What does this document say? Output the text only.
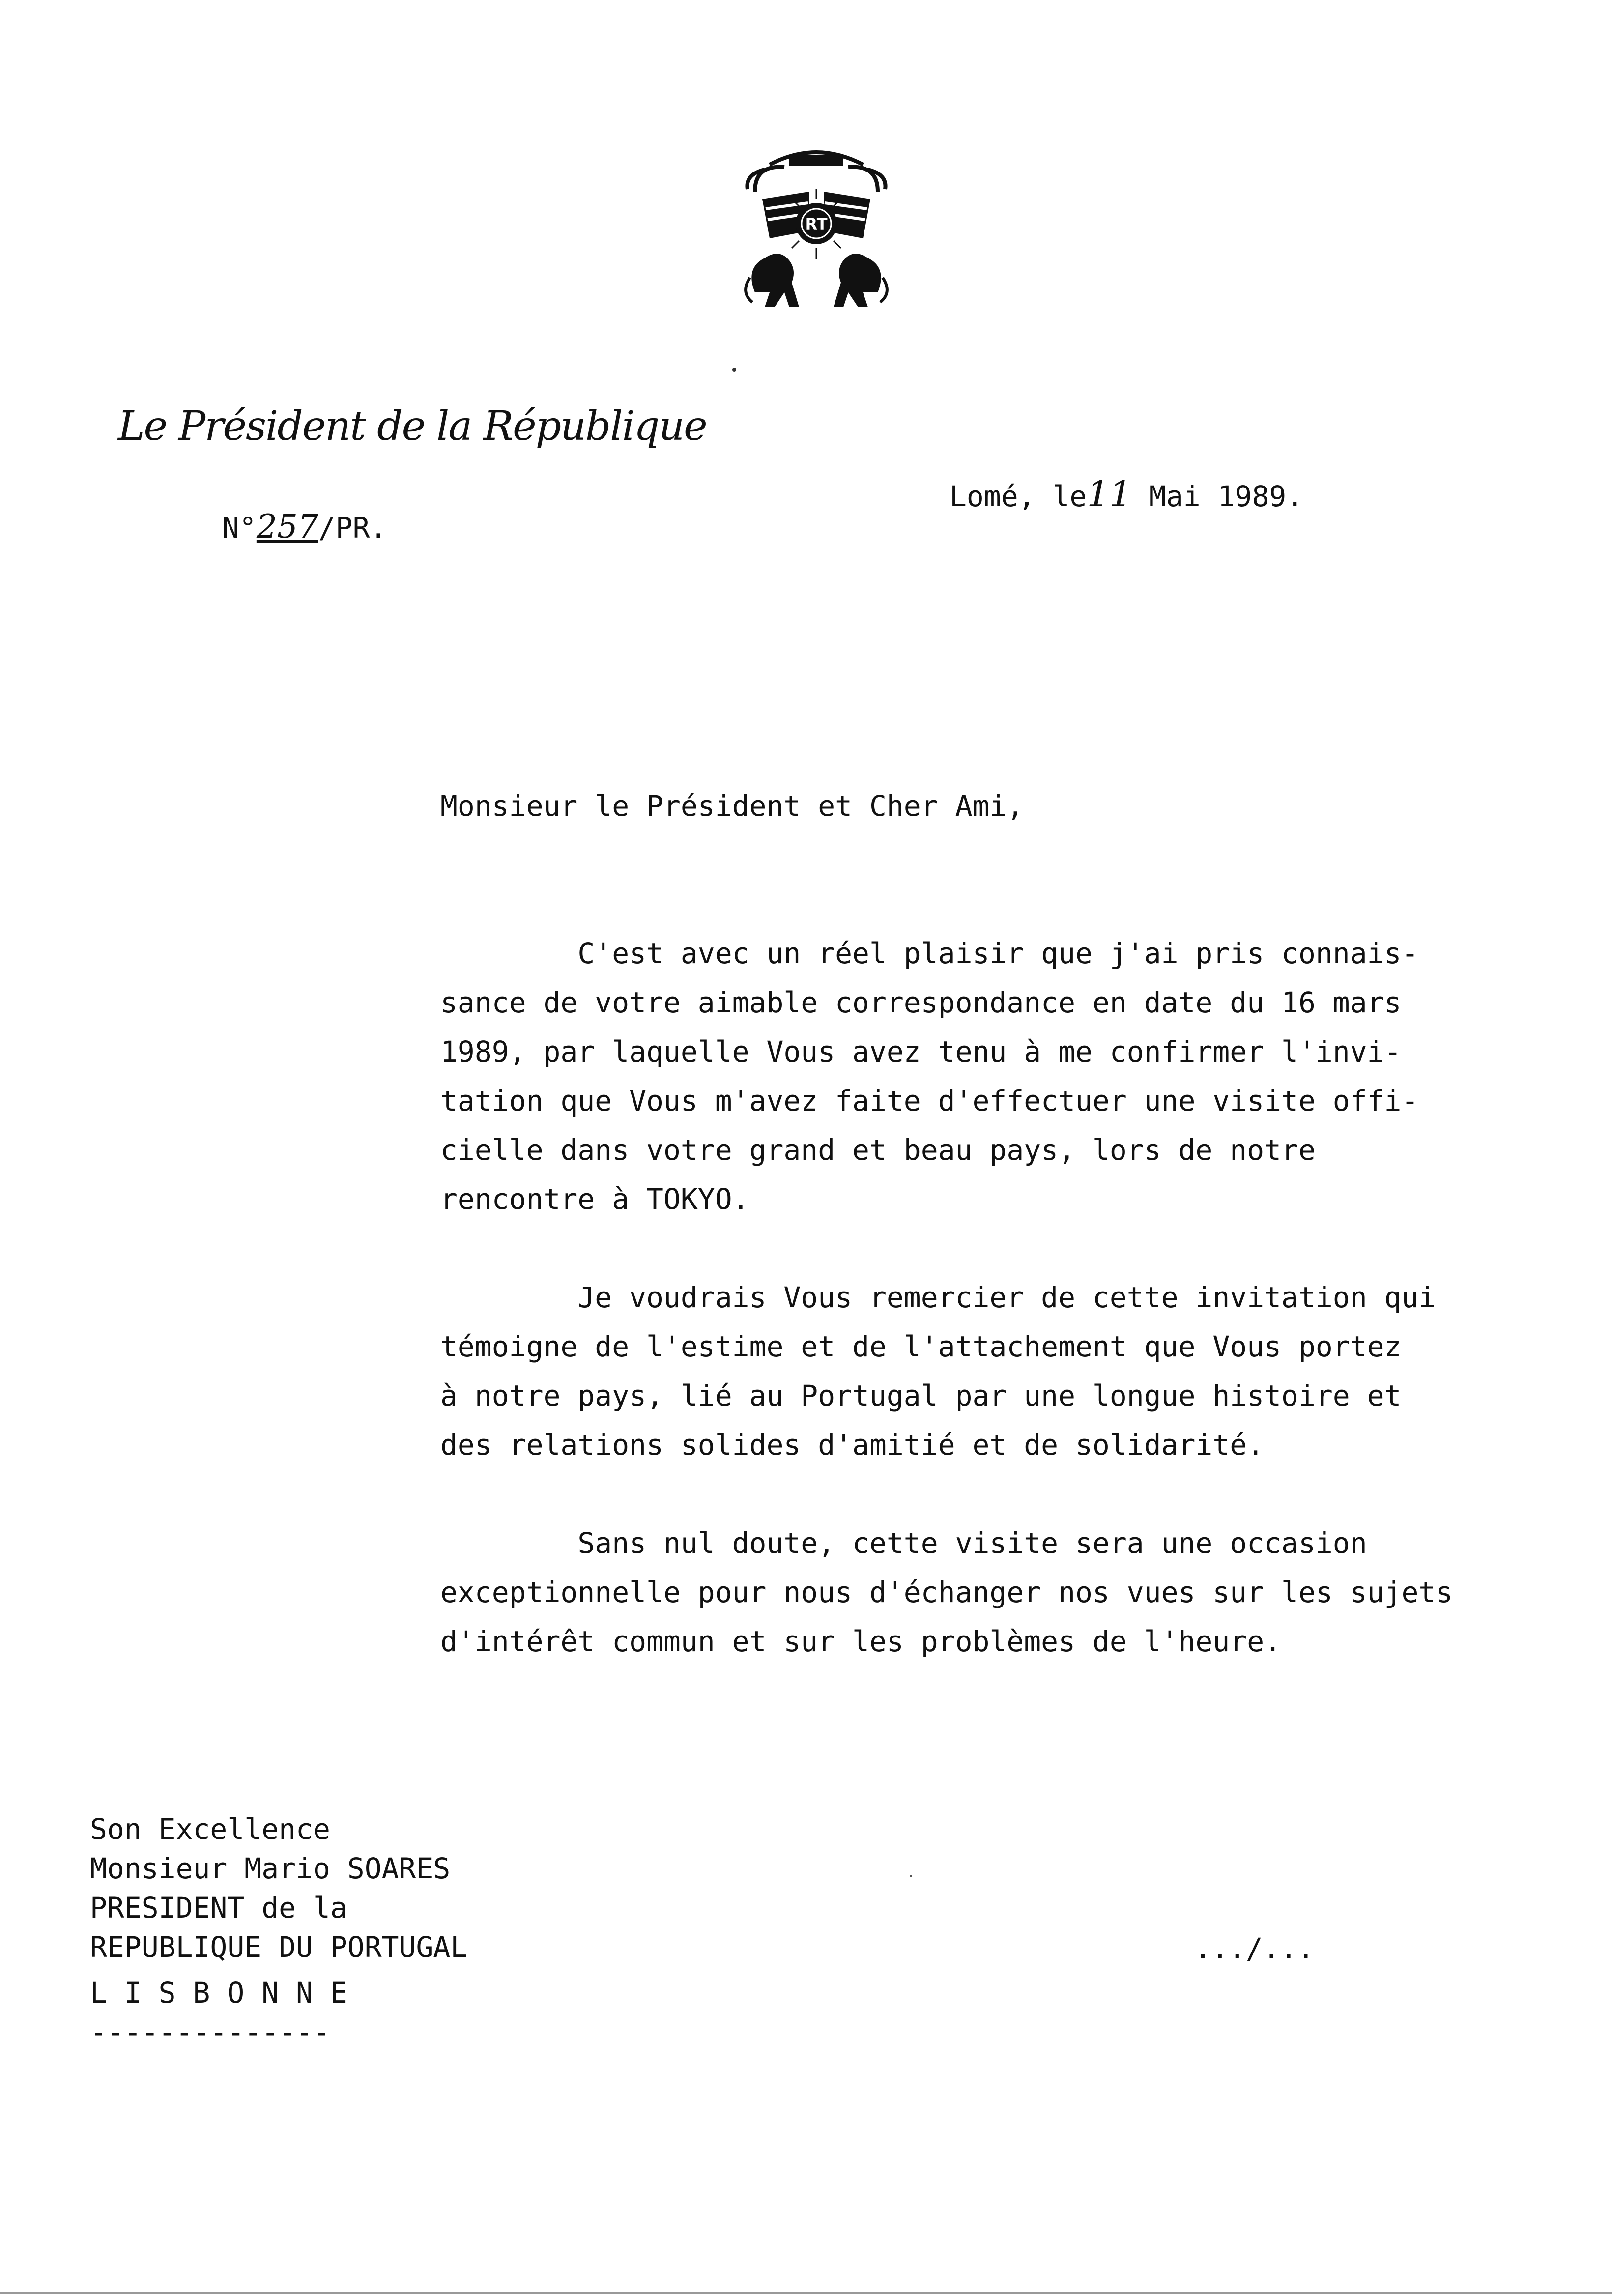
RT
Le Président de la République
N°257/PR.
Lomé, le11 Mai 1989.
Monsieur le Président et Cher Ami,

C'est avec un réel plaisir que j'ai pris connais-
sance de votre aimable correspondance en date du 16 mars
1989, par laquelle Vous avez tenu à me confirmer l'invi-
tation que Vous m'avez faite d'effectuer une visite offi-
cielle dans votre grand et beau pays, lors de notre
rencontre à TOKYO.

Je voudrais Vous remercier de cette invitation qui
témoigne de l'estime et de l'attachement que Vous portez
à notre pays, lié au Portugal par une longue histoire et
des relations solides d'amitié et de solidarité.

Sans nul doute, cette visite sera une occasion
exceptionnelle pour nous d'échanger nos vues sur les sujets
d'intérêt commun et sur les problèmes de l'heure.

Son Excellence
Monsieur Mario SOARES
PRESIDENT de la
REPUBLIQUE DU PORTUGAL	.../...
L I S B O N N E
--------------
